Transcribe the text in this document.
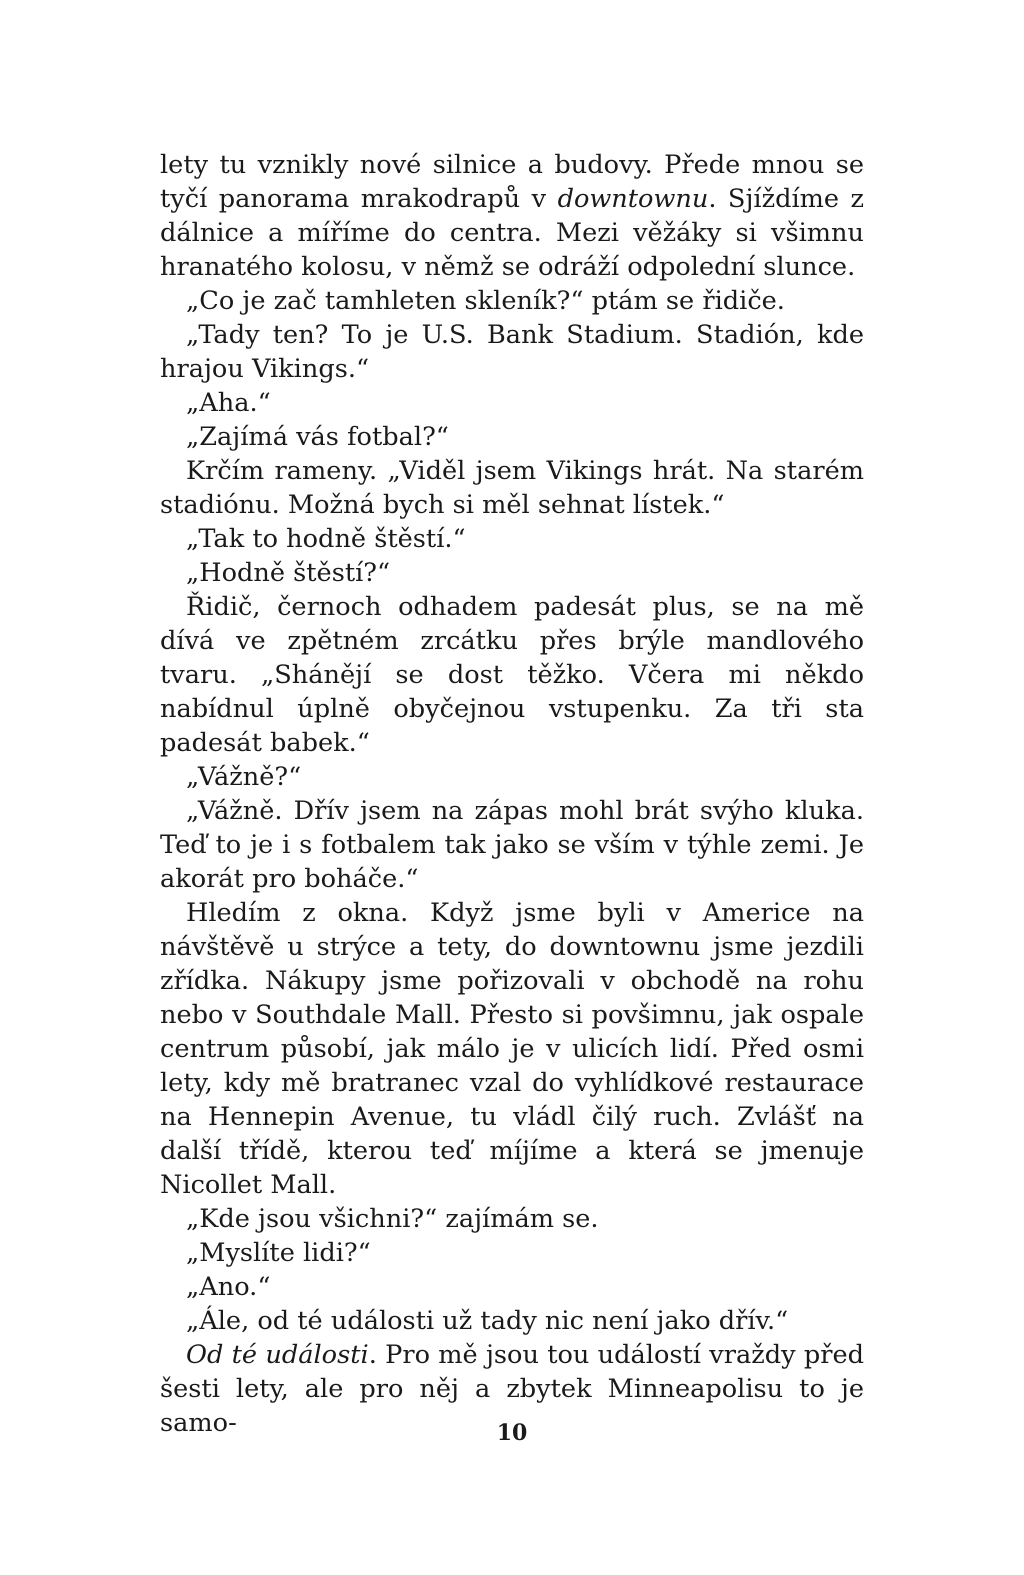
lety tu vznikly nové silnice a budovy. Přede mnou se tyčí panorama mrakodrapů v downtownu. Sjíždíme z dálnice a míříme do centra. Mezi věžáky si všimnu hranatého kolosu, v němž se odráží odpolední slunce.

„Co je zač tamhleten skleník?“ ptám se řidiče.

„Tady ten? To je U.S. Bank Stadium. Stadión, kde hrajou Vikings.“

„Aha.“

„Zajímá vás fotbal?“

Krčím rameny. „Viděl jsem Vikings hrát. Na starém stadiónu. Možná bych si měl sehnat lístek.“

„Tak to hodně štěstí.“

„Hodně štěstí?“

Řidič, černoch odhadem padesát plus, se na mě dívá ve zpětném zrcátku přes brýle mandlového tvaru. „Shánějí se dost těžko. Včera mi někdo nabídnul úplně obyčejnou vstupenku. Za tři sta padesát babek.“

„Vážně?“

„Vážně. Dřív jsem na zápas mohl brát svýho kluka. Teď to je i s fotbalem tak jako se vším v týhle zemi. Je akorát pro boháče.“

Hledím z okna. Když jsme byli v Americe na návštěvě u strýce a tety, do downtownu jsme jezdili zřídka. Nákupy jsme pořizovali v obchodě na rohu nebo v Southdale Mall. Přesto si povšimnu, jak ospale centrum působí, jak málo je v ulicích lidí. Před osmi lety, kdy mě bratranec vzal do vyhlídkové restaurace na Hennepin Avenue, tu vládl čilý ruch. Zvlášť na další třídě, kterou teď míjíme a která se jmenuje Nicollet Mall.

„Kde jsou všichni?“ zajímám se.

„Myslíte lidi?“

„Ano.“

„Ále, od té události už tady nic není jako dřív.“

Od té události. Pro mě jsou tou událostí vraždy před šesti lety, ale pro něj a zbytek Minneapolisu to je samo-	10
